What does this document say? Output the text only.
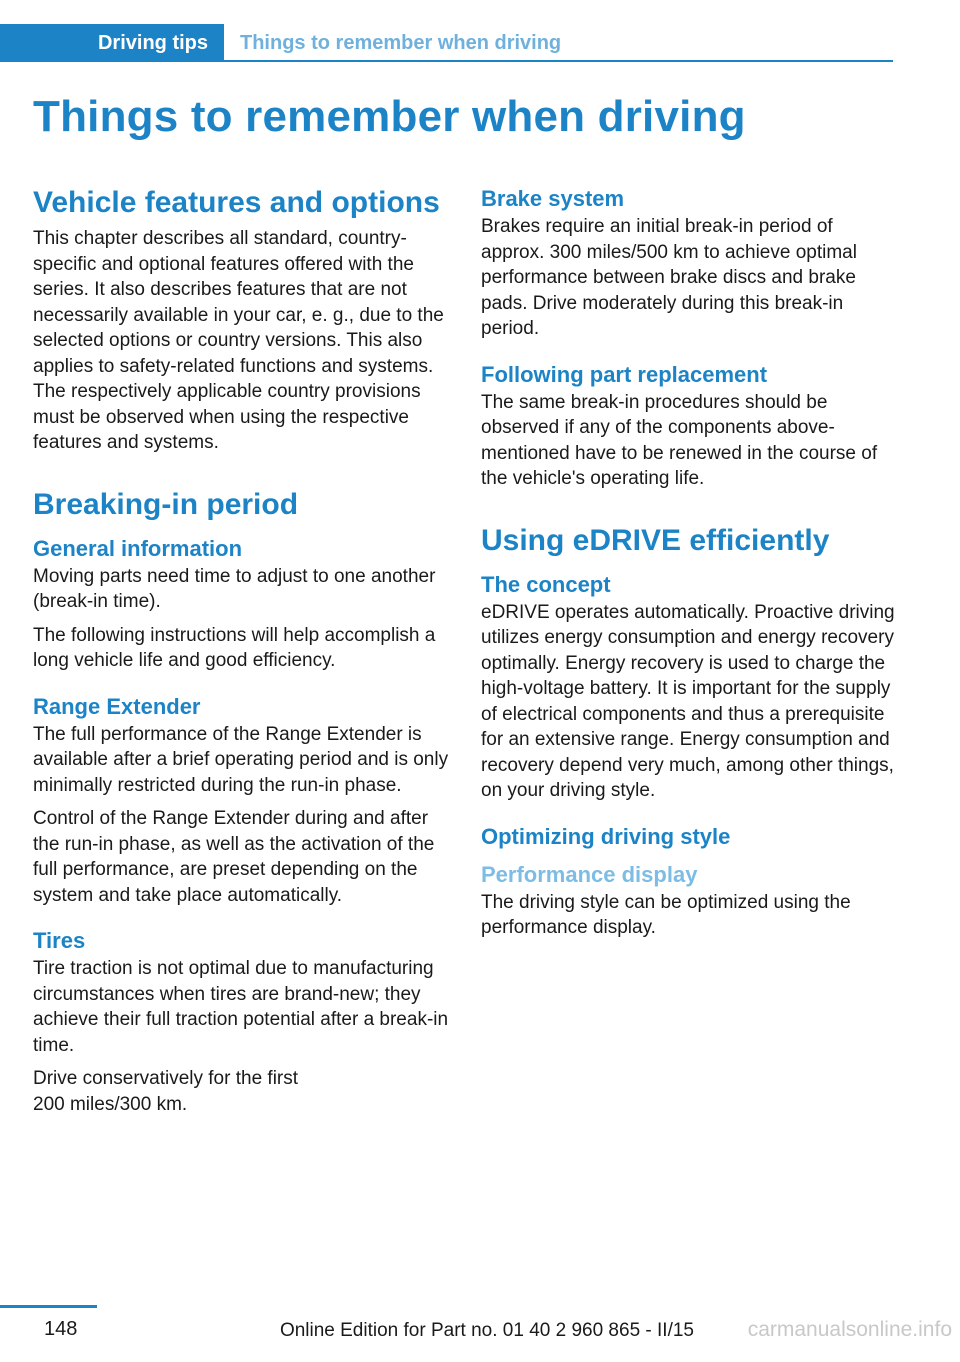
Driving tips	Things to remember when driving
Things to remember when driving
Vehicle features and options

This chapter describes all standard, country-specific and optional features offered with the series. It also describes features that are not necessarily available in your car, e. g., due to the selected options or country versions. This also applies to safety-related functions and systems. The respectively applicable country provisions must be observed when using the respective features and systems.

Breaking-in period
General information

Moving parts need time to adjust to one another (break-in time).

The following instructions will help accomplish a long vehicle life and good efficiency.

Range Extender

The full performance of the Range Extender is available after a brief operating period and is only minimally restricted during the run-in phase.

Control of the Range Extender during and after the run-in phase, as well as the activation of the full performance, are preset depending on the system and take place automatically.

Tires

Tire traction is not optimal due to manufacturing circumstances when tires are brand-new; they achieve their full traction potential after a break-in time.

Drive conservatively for the first 200 miles/300 km.

Brake system

Brakes require an initial break-in period of approx. 300 miles/500 km to achieve optimal performance between brake discs and brake pads. Drive moderately during this break-in period.

Following part replacement

The same break-in procedures should be observed if any of the components above-mentioned have to be renewed in the course of the vehicle's operating life.

Using eDRIVE efficiently
The concept

eDRIVE operates automatically. Proactive driving utilizes energy consumption and energy recovery optimally. Energy recovery is used to charge the high-voltage battery. It is important for the supply of electrical components and thus a prerequisite for an extensive range. Energy consumption and recovery depend very much, among other things, on your driving style.

Optimizing driving style
Performance display

The driving style can be optimized using the performance display.

148	Online Edition for Part no. 01 40 2 960 865 - II/15	carmanualsonline.info
